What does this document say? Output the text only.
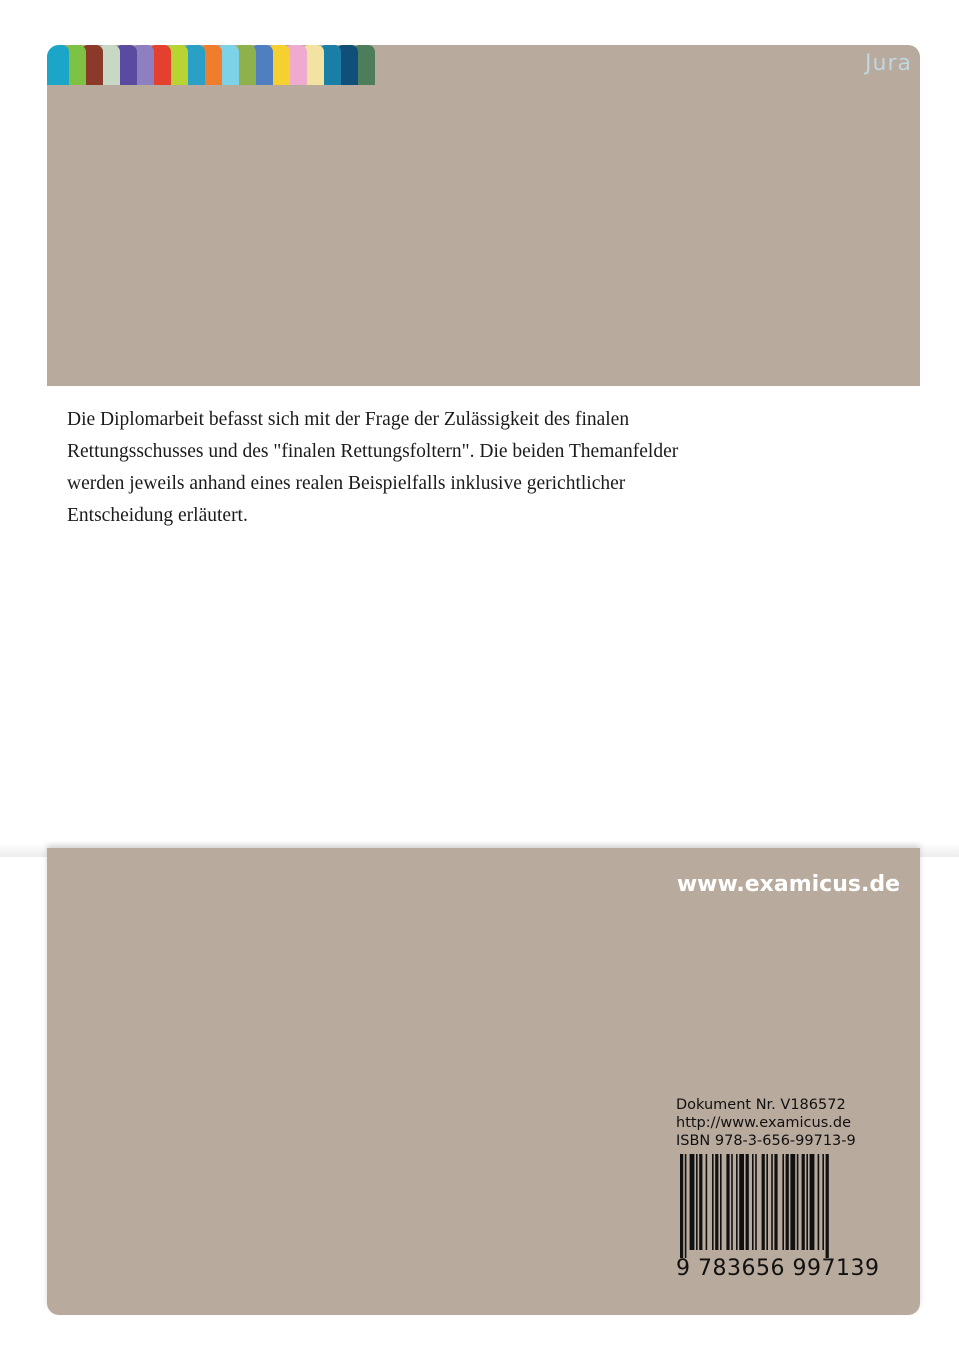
Jura
Die Diplomarbeit befasst sich mit der Frage der Zulässigkeit des finalen
Rettungsschusses und des "finalen Rettungsfoltern". Die beiden Themanfelder
werden jeweils anhand eines realen Beispielfalls inklusive gerichtlicher
Entscheidung erläutert.
www.examicus.de
Dokument Nr. V186572
http://www.examicus.de
ISBN 978-3-656-99713-9
9 783656 997139
